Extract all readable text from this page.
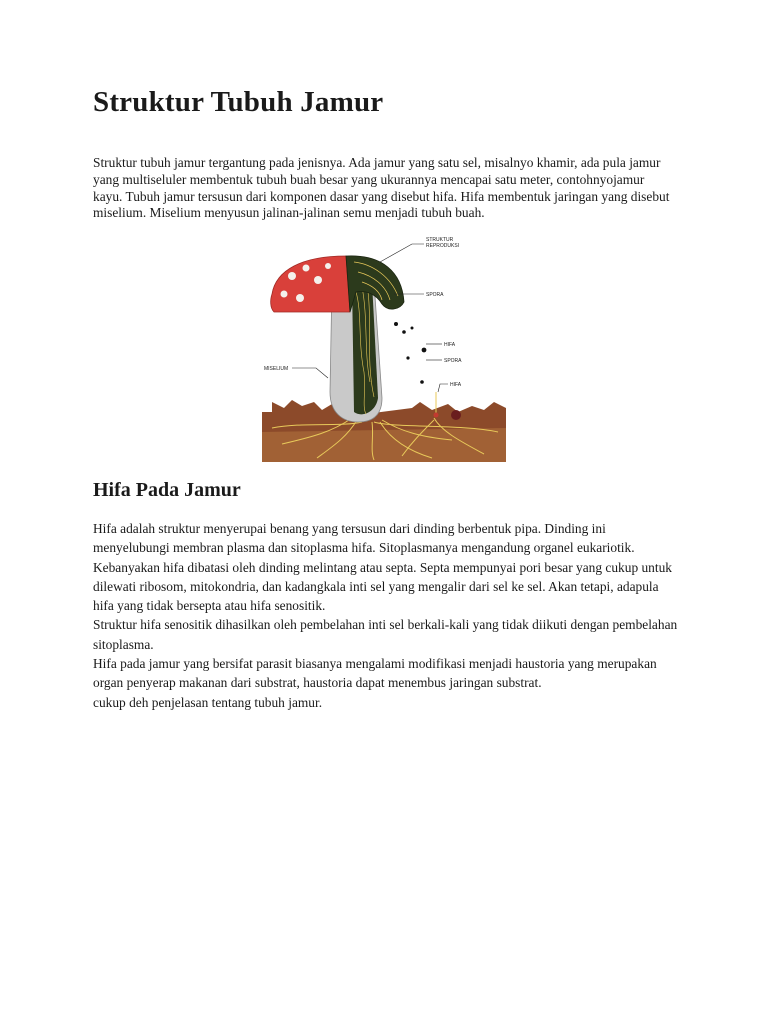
Struktur Tubuh Jamur

Struktur tubuh jamur tergantung pada jenisnya. Ada jamur yang satu sel, misalnyo khamir, ada pula jamur yang multiseluler membentuk tubuh buah besar yang ukurannya mencapai satu meter, contohnyojamur kayu. Tubuh jamur tersusun dari komponen dasar yang disebut hifa. Hifa membentuk jaringan yang disebut miselium. Miselium menyusun jalinan-jalinan semu menjadi tubuh buah.

STRUKTUR
REPRODUKSI
SPORA
HIFA
SPORA
HIFA
MISELIUM
Hifa Pada Jamur

Hifa adalah struktur menyerupai benang yang tersusun dari dinding berbentuk pipa. Dinding ini menyelubungi membran plasma dan sitoplasma hifa. Sitoplasmanya mengandung organel eukariotik.

Kebanyakan hifa dibatasi oleh dinding melintang atau septa. Septa mempunyai pori besar yang cukup untuk dilewati ribosom, mitokondria, dan kadangkala inti sel yang mengalir dari sel ke sel. Akan tetapi, adapula hifa yang tidak bersepta atau hifa senositik.

Struktur hifa senositik dihasilkan oleh pembelahan inti sel berkali-kali yang tidak diikuti dengan pembelahan sitoplasma.

Hifa pada jamur yang bersifat parasit biasanya mengalami modifikasi menjadi haustoria yang merupakan organ penyerap makanan dari substrat, haustoria dapat menembus jaringan substrat.

cukup deh penjelasan tentang tubuh jamur.
